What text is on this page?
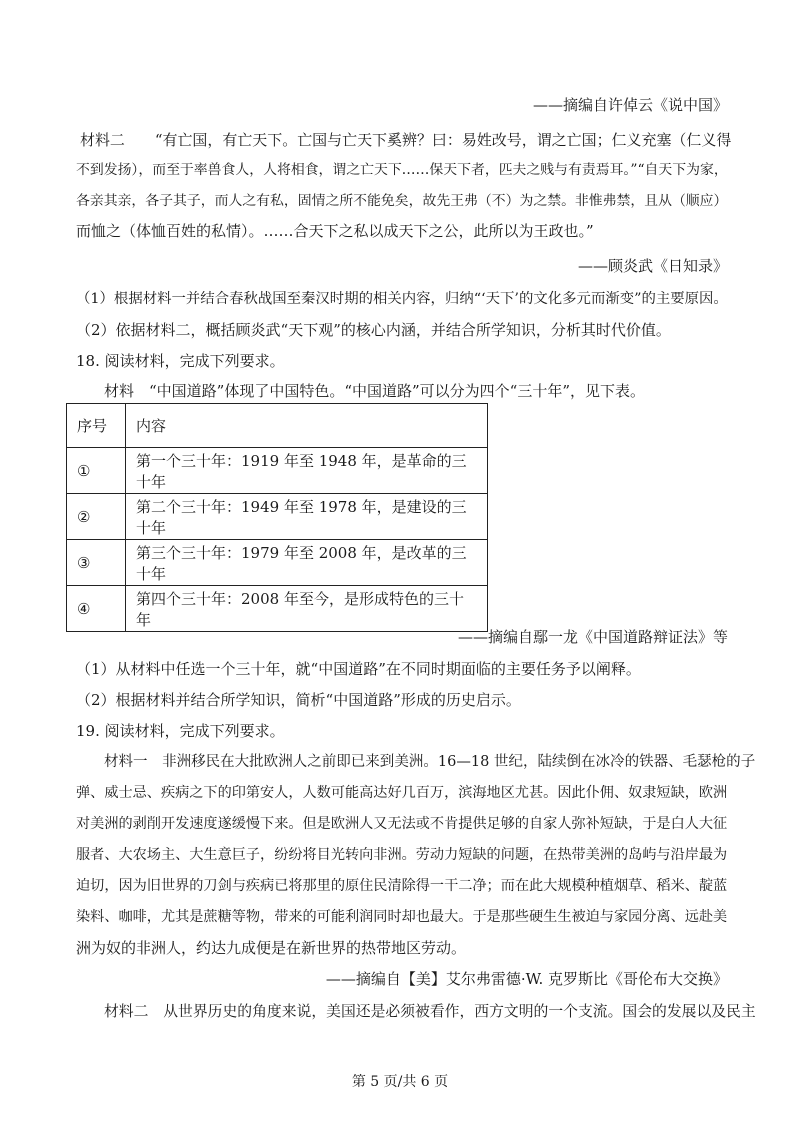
——摘编自许倬云《说中国》
材料二　　“有亡国，有亡天下。亡国与亡天下奚辨？曰：易姓改号，谓之亡国；仁义充塞（仁义得
不到发扬），而至于率兽食人，人将相食，谓之亡天下……保天下者，匹夫之贱与有责焉耳。”“自天下为家，
各亲其亲，各子其子，而人之有私，固情之所不能免矣，故先王弗（不）为之禁。非惟弗禁，且从（顺应）
而恤之（体恤百姓的私情）。……合天下之私以成天下之公，此所以为王政也。”
——顾炎武《日知录》
（1）根据材料一并结合春秋战国至秦汉时期的相关内容，归纳“‘天下’的文化多元而渐变”的主要原因。
（2）依据材料二，概括顾炎武“天下观”的核心内涵，并结合所学知识，分析其时代价值。
18. 阅读材料，完成下列要求。
材料　“中国道路”体现了中国特色。“中国道路”可以分为四个“三十年”，见下表。
序号	内容
①	第一个三十年：1919 年至 1948 年，是革命的三十年
②	第二个三十年：1949 年至 1978 年，是建设的三十年
③	第三个三十年：1979 年至 2008 年，是改革的三十年
④	第四个三十年：2008 年至今，是形成特色的三十年
——摘编自鄢一龙《中国道路辩证法》等
（1）从材料中任选一个三十年，就“中国道路”在不同时期面临的主要任务予以阐释。
（2）根据材料并结合所学知识，简析“中国道路”形成的历史启示。
19. 阅读材料，完成下列要求。
材料一　非洲移民在大批欧洲人之前即已来到美洲。16—18 世纪，陆续倒在冰冷的铁器、毛瑟枪的子
弹、威士忌、疾病之下的印第安人，人数可能高达好几百万，滨海地区尤甚。因此仆佣、奴隶短缺，欧洲
对美洲的剥削开发速度遂缓慢下来。但是欧洲人又无法或不肯提供足够的自家人弥补短缺，于是白人大征
服者、大农场主、大生意巨子，纷纷将目光转向非洲。劳动力短缺的问题，在热带美洲的岛屿与沿岸最为
迫切，因为旧世界的刀剑与疾病已将那里的原住民清除得一干二净；而在此大规模种植烟草、稻米、靛蓝
染料、咖啡，尤其是蔗糖等物，带来的可能利润同时却也最大。于是那些硬生生被迫与家园分离、远赴美
洲为奴的非洲人，约达九成便是在新世界的热带地区劳动。
——摘编自【美】艾尔弗雷德·W. 克罗斯比《哥伦布大交换》
材料二　从世界历史的角度来说，美国还是必须被看作，西方文明的一个支流。国会的发展以及民主
第 5 页/共 6 页
